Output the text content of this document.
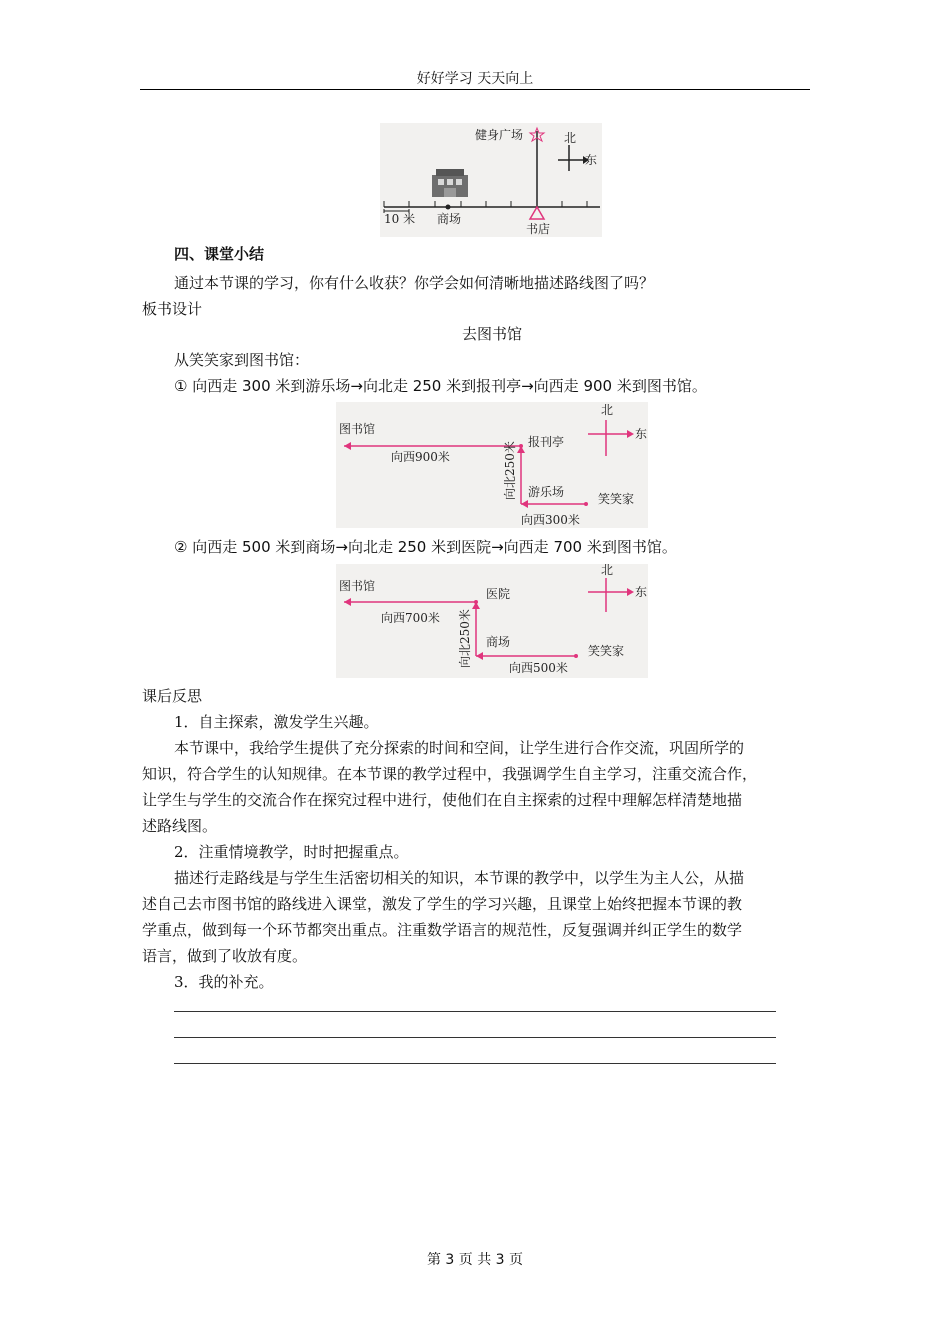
好好学习 天天向上
健身广场	北
东
10 米 商场
书店
四、课堂小结
通过本节课的学习，你有什么收获？你学会如何清晰地描述路线图了吗？
板书设计
去图书馆
从笑笑家到图书馆：
① 向西走 300 米到游乐场→向北走 250 米到报刊亭→向西走 900 米到图书馆。
图书馆
报刊亭
游乐场	笑笑家
向西900米	向北250米
向西300米
北
东
② 向西走 500 米到商场→向北走 250 米到医院→向西走 700 米到图书馆。
图书馆
医院
商场
笑笑家
向西700米 向北250米	向西500米
北
东
课后反思
1．自主探索，激发学生兴趣。
本节课中，我给学生提供了充分探索的时间和空间，让学生进行合作交流，巩固所学的
知识，符合学生的认知规律。在本节课的教学过程中，我强调学生自主学习，注重交流合作，
让学生与学生的交流合作在探究过程中进行，使他们在自主探索的过程中理解怎样清楚地描
述路线图。
2．注重情境教学，时时把握重点。
描述行走路线是与学生生活密切相关的知识，本节课的教学中，以学生为主人公，从描
述自己去市图书馆的路线进入课堂，激发了学生的学习兴趣，且课堂上始终把握本节课的教
学重点，做到每一个环节都突出重点。注重数学语言的规范性，反复强调并纠正学生的数学
语言，做到了收放有度。
3．我的补充。
第 3 页 共 3 页
